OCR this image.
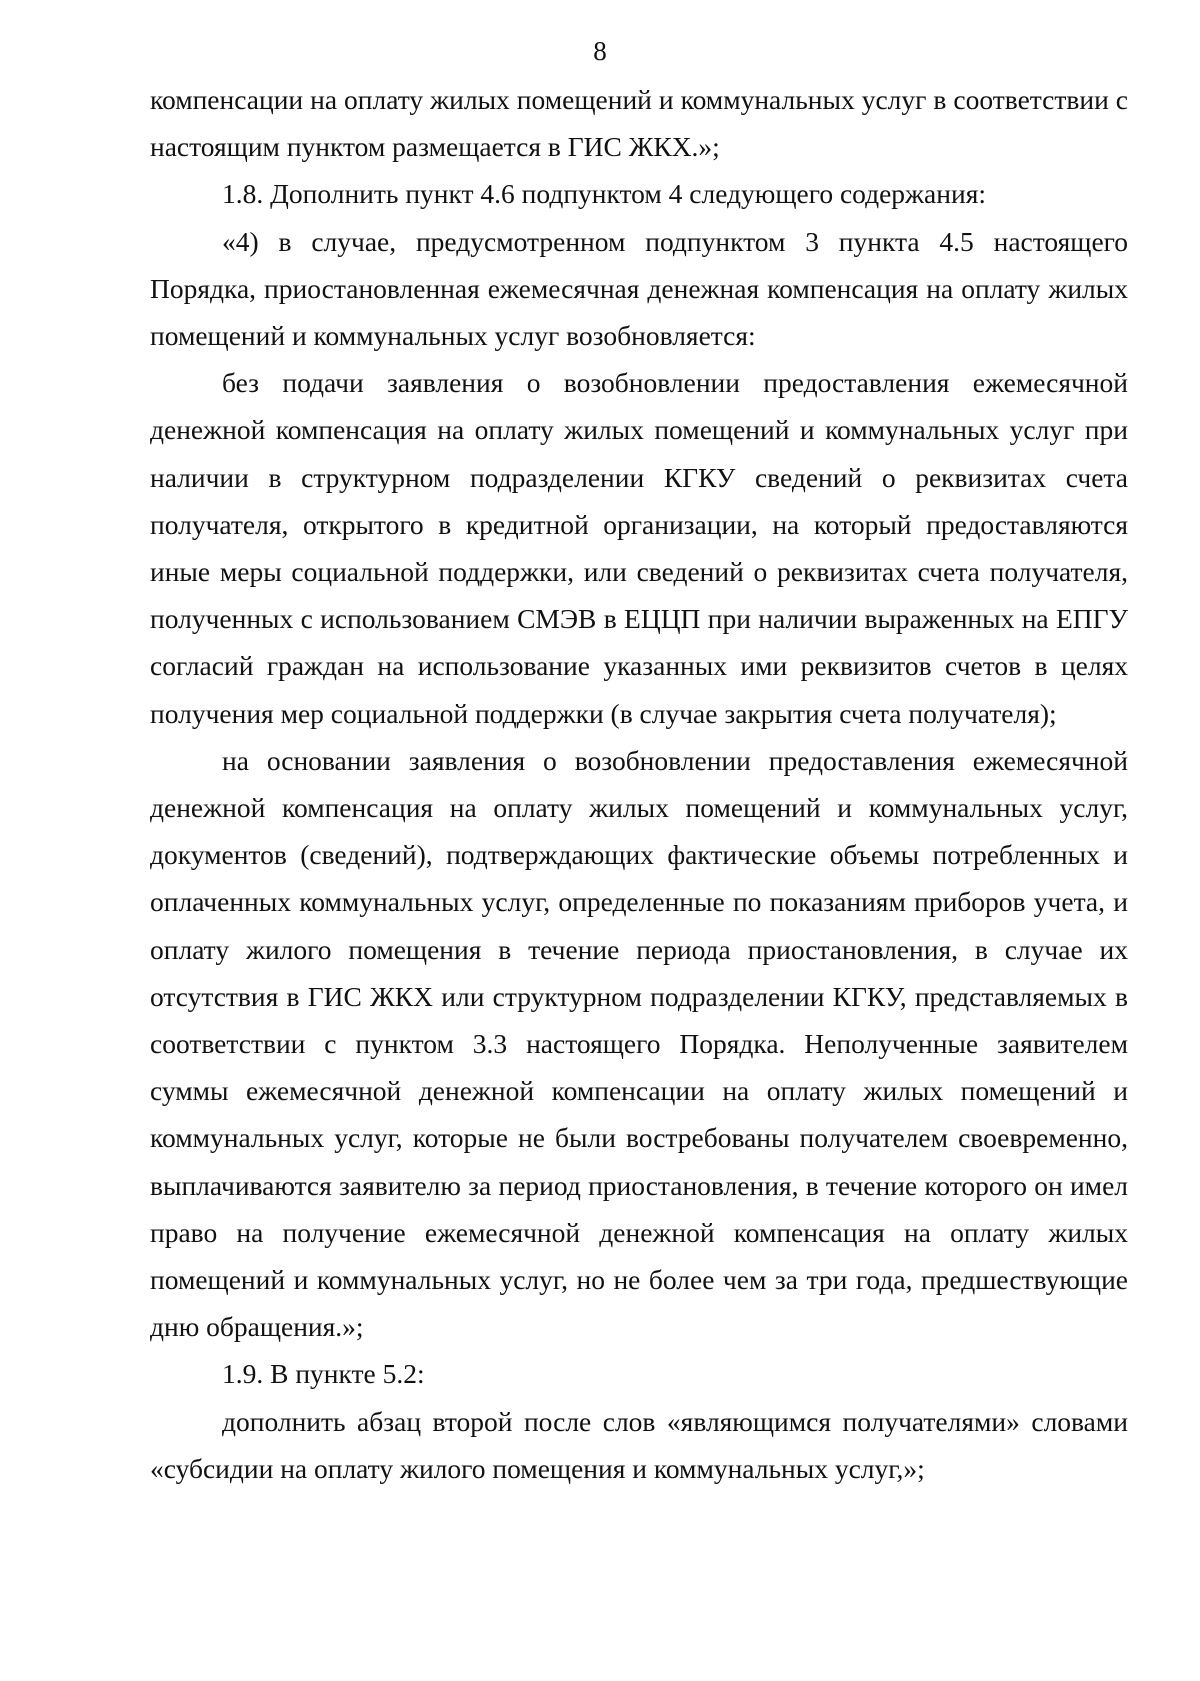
8

компенсации на оплату жилых помещений и коммунальных услуг в соответствии с настоящим пунктом размещается в ГИС ЖКХ.»;

1.8. Дополнить пункт 4.6 подпунктом 4 следующего содержания:

«4) в случае, предусмотренном подпунктом 3 пункта 4.5 настоящего Порядка, приостановленная ежемесячная денежная компенсация на оплату жилых помещений и коммунальных услуг возобновляется:

без подачи заявления о возобновлении предоставления ежемесячной денежной компенсация на оплату жилых помещений и коммунальных услуг при наличии в структурном подразделении КГКУ сведений о реквизитах счета получателя, открытого в кредитной организации, на который предоставляются иные меры социальной поддержки, или сведений о реквизитах счета получателя, полученных с использованием СМЭВ в ЕЦЦП при наличии выраженных на ЕПГУ согласий граждан на использование указанных ими реквизитов счетов в целях получения мер социальной поддержки (в случае закрытия счета получателя);

на основании заявления о возобновлении предоставления ежемесячной денежной компенсация на оплату жилых помещений и коммунальных услуг, документов (сведений), подтверждающих фактические объемы потребленных и оплаченных коммунальных услуг, определенные по показаниям приборов учета, и оплату жилого помещения в течение периода приостановления, в случае их отсутствия в ГИС ЖКХ или структурном подразделении КГКУ, представляемых в соответствии с пунктом 3.3 настоящего Порядка. Неполученные заявителем суммы ежемесячной денежной компенсации на оплату жилых помещений и коммунальных услуг, которые не были востребованы получателем своевременно, выплачиваются заявителю за период приостановления, в течение которого он имел право на получение ежемесячной денежной компенсация на оплату жилых помещений и коммунальных услуг, но не более чем за три года, предшествующие дню обращения.»;

1.9. В пункте 5.2:

дополнить абзац второй после слов «являющимся получателями» словами «субсидии на оплату жилого помещения и коммунальных услуг,»;
